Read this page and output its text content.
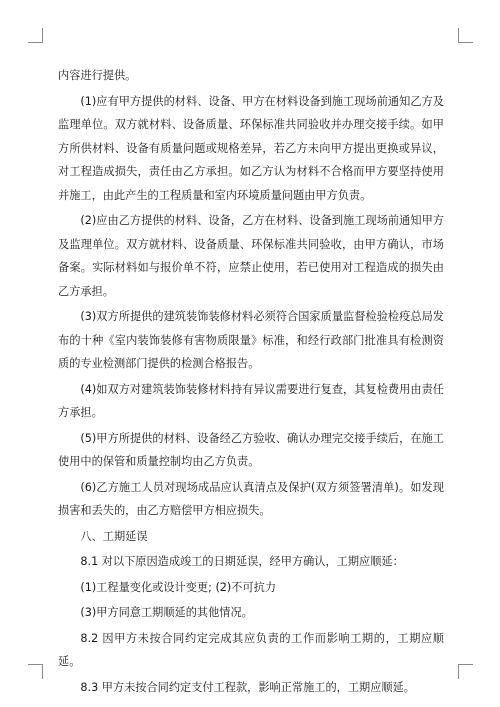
内容进行提供。

(1)应有甲方提供的材料、设备、甲方在材料设备到施工现场前通知乙方及监理单位。双方就材料、设备质量、环保标准共同验收并办理交接手续。如甲方所供材料、设备有质量问题或规格差异，若乙方未向甲方提出更换或异议，对工程造成损失，责任由乙方承担。如乙方认为材料不合格而甲方要坚持使用并施工，由此产生的工程质量和室内环境质量问题由甲方负责。

(2)应由乙方提供的材料、设备，乙方在材料、设备到施工现场前通知甲方及监理单位。双方就材料、设备质量、环保标准共同验收，由甲方确认，市场备案。实际材料如与报价单不符，应禁止使用，若已使用对工程造成的损失由乙方承担。

(3)双方所提供的建筑装饰装修材料必须符合国家质量监督检验检疫总局发布的十种《室内装饰装修有害物质限量》标准，和经行政部门批准具有检测资质的专业检测部门提供的检测合格报告。

(4)如双方对建筑装饰装修材料持有异议需要进行复查，其复检费用由责任方承担。

(5)甲方所提供的材料、设备经乙方验收、确认办理完交接手续后，在施工使用中的保管和质量控制均由乙方负责。

(6)乙方施工人员对现场成品应认真清点及保护(双方须签署清单)。如发现损害和丢失的，由乙方赔偿甲方相应损失。

八、工期延误

8.1 对以下原因造成竣工的日期延误，经甲方确认，工期应顺延：

(1)工程量变化或设计变更; (2)不可抗力

(3)甲方同意工期顺延的其他情况。

8.2 因甲方未按合同约定完成其应负责的工作而影响工期的，工期应顺延。

8.3 甲方未按合同约定支付工程款，影响正常施工的，工期应顺延。
